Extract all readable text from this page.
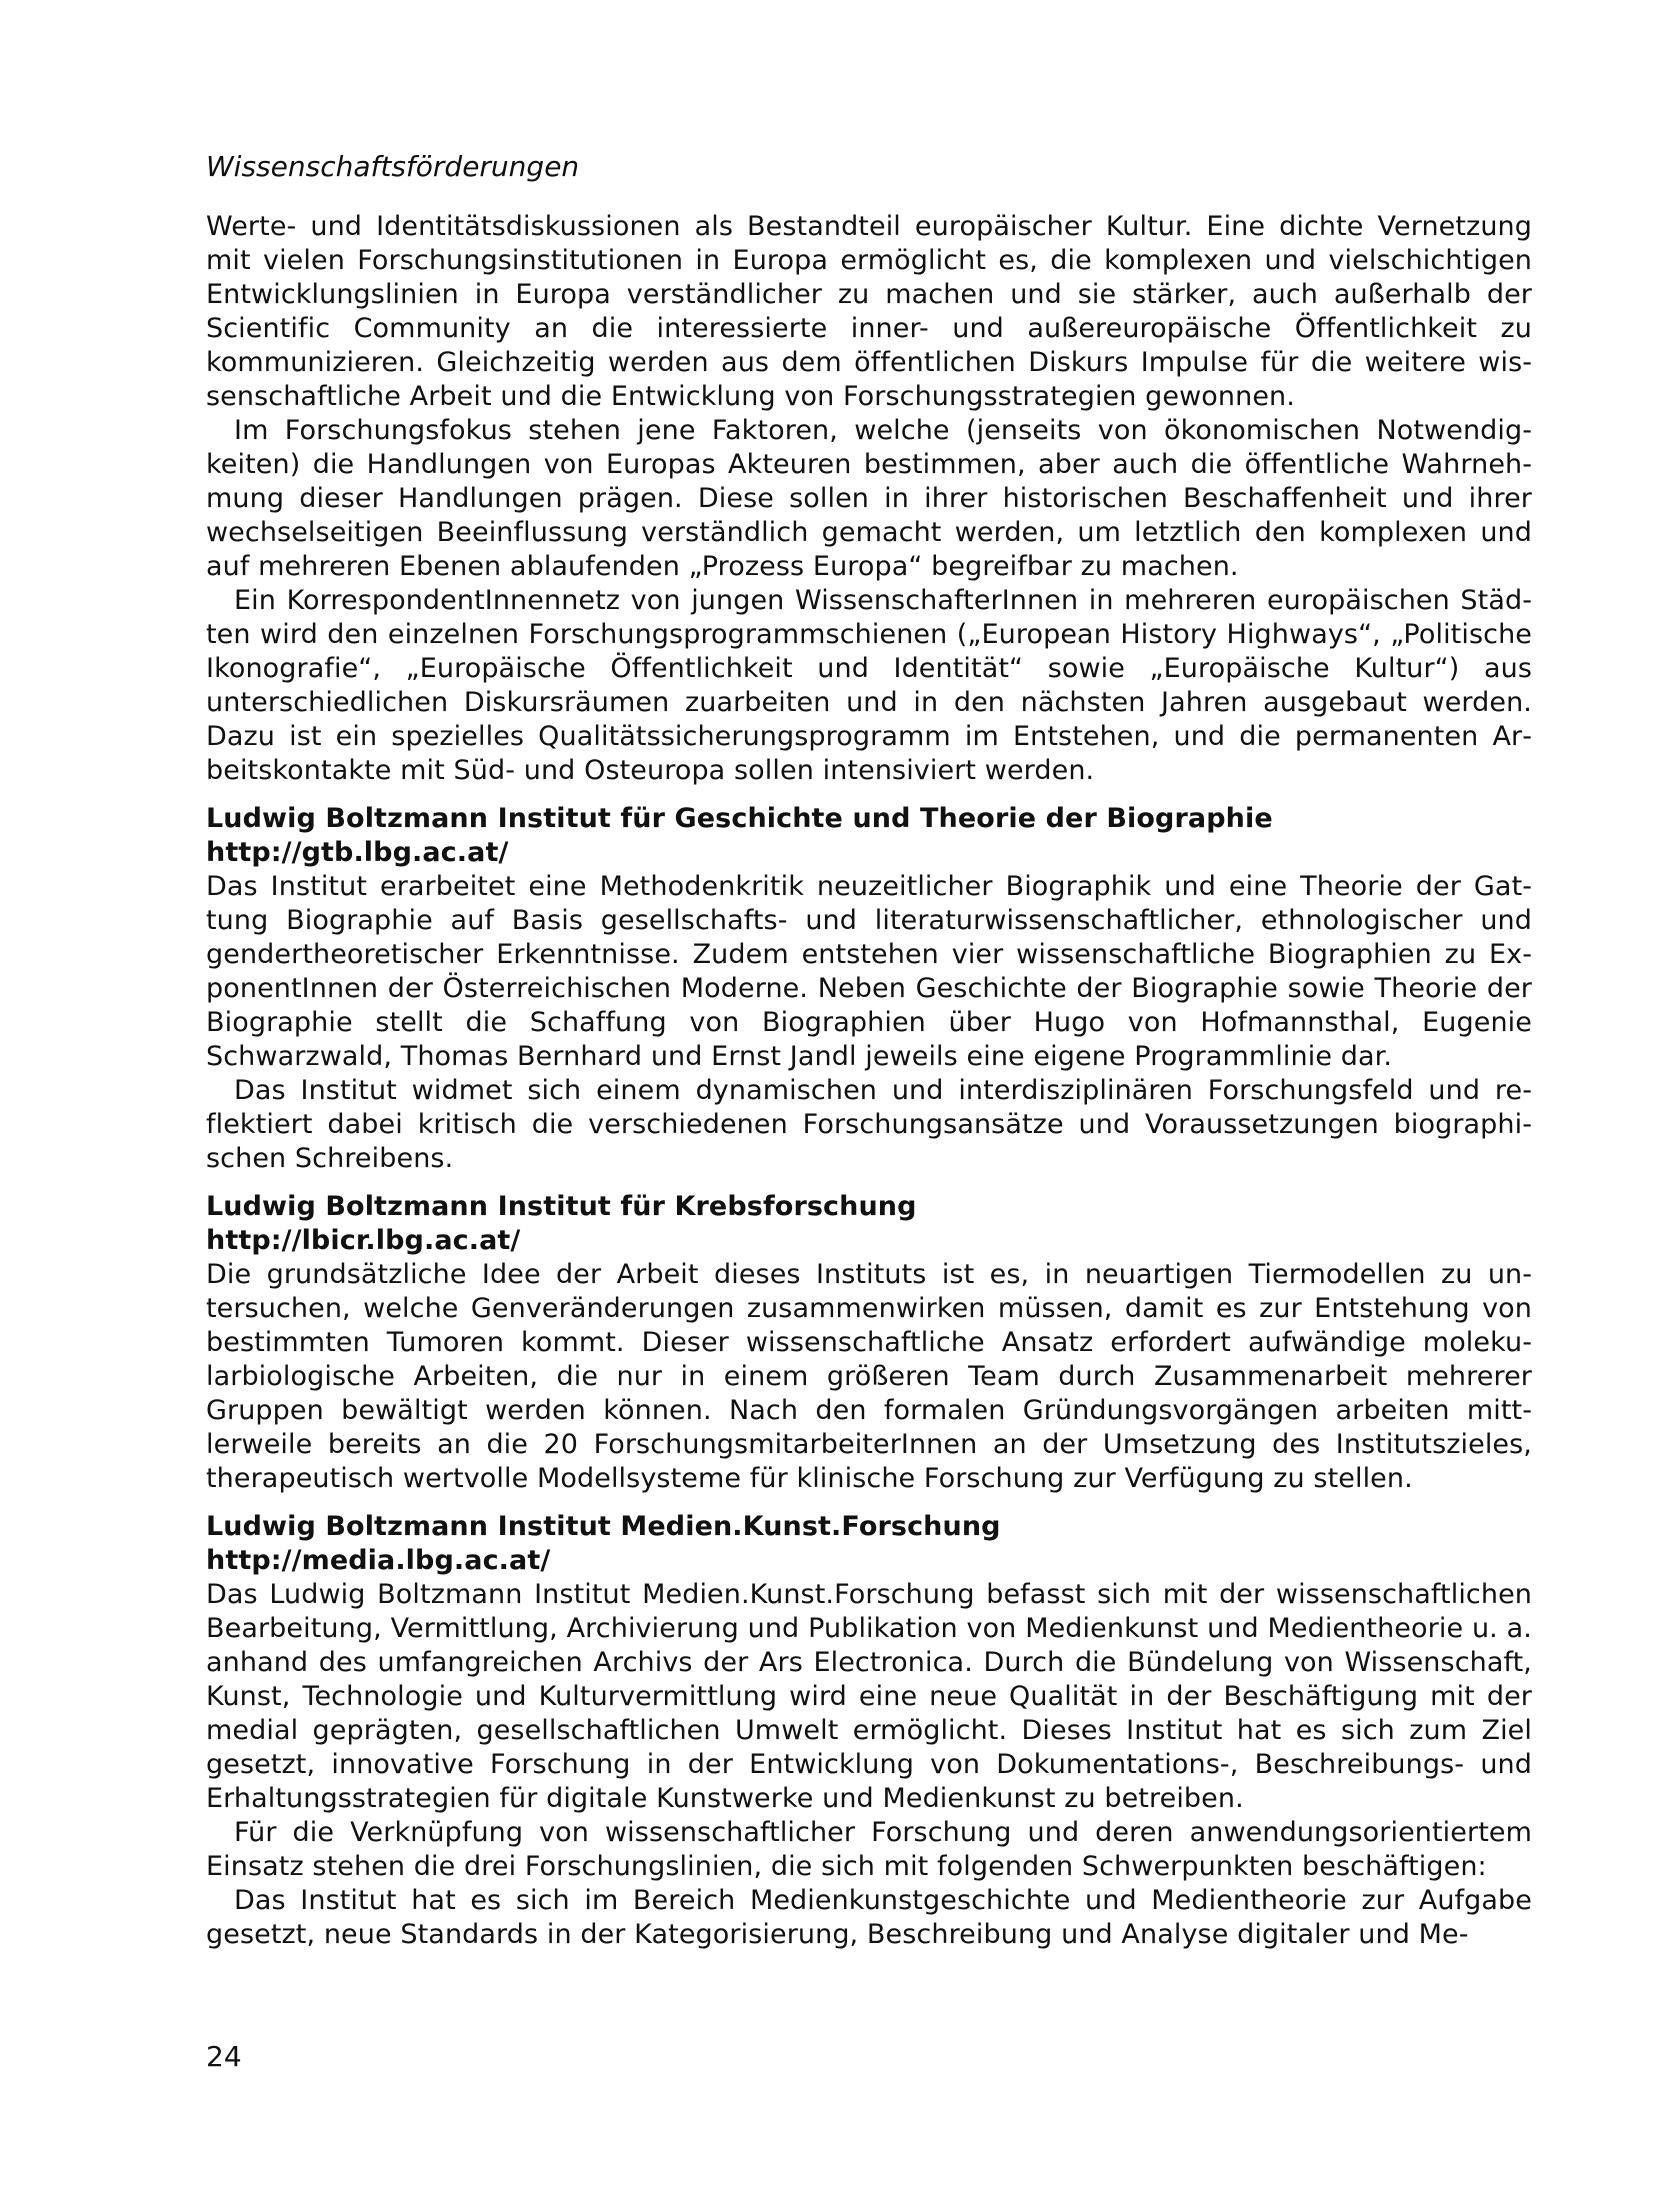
Wissenschaftsförderungen

Werte- und Identitätsdiskussionen als Bestandteil europäischer Kultur. Eine dichte Vernetzung mit vielen Forschungsinstitutionen in Europa ermöglicht es, die komplexen und vielschichtigen Entwicklungslinien in Europa verständlicher zu machen und sie stärker, auch außerhalb der Scientific Community an die interessierte inner- und außereuropäische Öffentlichkeit zu kommunizieren. Gleichzeitig werden aus dem öffentlichen Diskurs Impulse für die weitere wissenschaftliche Arbeit und die Entwicklung von Forschungsstrategien gewonnen.

Im Forschungsfokus stehen jene Faktoren, welche (jenseits von ökonomischen Notwendigkeiten) die Handlungen von Europas Akteuren bestimmen, aber auch die öffentliche Wahrnehmung dieser Handlungen prägen. Diese sollen in ihrer historischen Beschaffenheit und ihrer wechselseitigen Beeinflussung verständlich gemacht werden, um letztlich den komplexen und auf mehreren Ebenen ablaufenden „Prozess Europa“ begreifbar zu machen.

Ein KorrespondentInnennetz von jungen WissenschafterInnen in mehreren europäischen Städten wird den einzelnen Forschungsprogrammschienen („European History Highways“, „Politische Ikonografie“, „Europäische Öffentlichkeit und Identität“ sowie „Europäische Kultur“) aus unterschiedlichen Diskursräumen zuarbeiten und in den nächsten Jahren ausgebaut werden. Dazu ist ein spezielles Qualitätssicherungsprogramm im Entstehen, und die permanenten Arbeitskontakte mit Süd- und Osteuropa sollen intensiviert werden.

Ludwig Boltzmann Institut für Geschichte und Theorie der Biographie

http://gtb.lbg.ac.at/

Das Institut erarbeitet eine Methodenkritik neuzeitlicher Biographik und eine Theorie der Gattung Biographie auf Basis gesellschafts- und literaturwissenschaftlicher, ethnologischer und gendertheoretischer Erkenntnisse. Zudem entstehen vier wissenschaftliche Biographien zu ExponentInnen der Österreichischen Moderne. Neben Geschichte der Biographie sowie Theorie der Biographie stellt die Schaffung von Biographien über Hugo von Hofmannsthal, Eugenie Schwarzwald, Thomas Bernhard und Ernst Jandl jeweils eine eigene Programmlinie dar.

Das Institut widmet sich einem dynamischen und interdisziplinären Forschungsfeld und reflektiert dabei kritisch die verschiedenen Forschungsansätze und Voraussetzungen biographischen Schreibens.

Ludwig Boltzmann Institut für Krebsforschung

http://lbicr.lbg.ac.at/

Die grundsätzliche Idee der Arbeit dieses Instituts ist es, in neuartigen Tiermodellen zu untersuchen, welche Genveränderungen zusammenwirken müssen, damit es zur Entstehung von bestimmten Tumoren kommt. Dieser wissenschaftliche Ansatz erfordert aufwändige molekularbiologische Arbeiten, die nur in einem größeren Team durch Zusammenarbeit mehrerer Gruppen bewältigt werden können. Nach den formalen Gründungsvorgängen arbeiten mittlerweile bereits an die 20 ForschungsmitarbeiterInnen an der Umsetzung des Institutszieles, therapeutisch wertvolle Modellsysteme für klinische Forschung zur Verfügung zu stellen.

Ludwig Boltzmann Institut Medien.Kunst.Forschung

http://media.lbg.ac.at/

Das Ludwig Boltzmann Institut Medien.Kunst.Forschung befasst sich mit der wissenschaftlichen Bearbeitung, Vermittlung, Archivierung und Publikation von Medienkunst und Medientheorie u. a. anhand des umfangreichen Archivs der Ars Electronica. Durch die Bündelung von Wissenschaft, Kunst, Technologie und Kulturvermittlung wird eine neue Qualität in der Beschäftigung mit der medial geprägten, gesellschaftlichen Umwelt ermöglicht. Dieses Institut hat es sich zum Ziel gesetzt, innovative Forschung in der Entwicklung von Dokumentations-, Beschreibungs- und Erhaltungsstrategien für digitale Kunstwerke und Medienkunst zu betreiben.

Für die Verknüpfung von wissenschaftlicher Forschung und deren anwendungsorientiertem Einsatz stehen die drei Forschungslinien, die sich mit folgenden Schwerpunkten beschäftigen:

Das Institut hat es sich im Bereich Medienkunstgeschichte und Medientheorie zur Aufgabe gesetzt, neue Standards in der Kategorisierung, Beschreibung und Analyse digitaler und Me-

24
